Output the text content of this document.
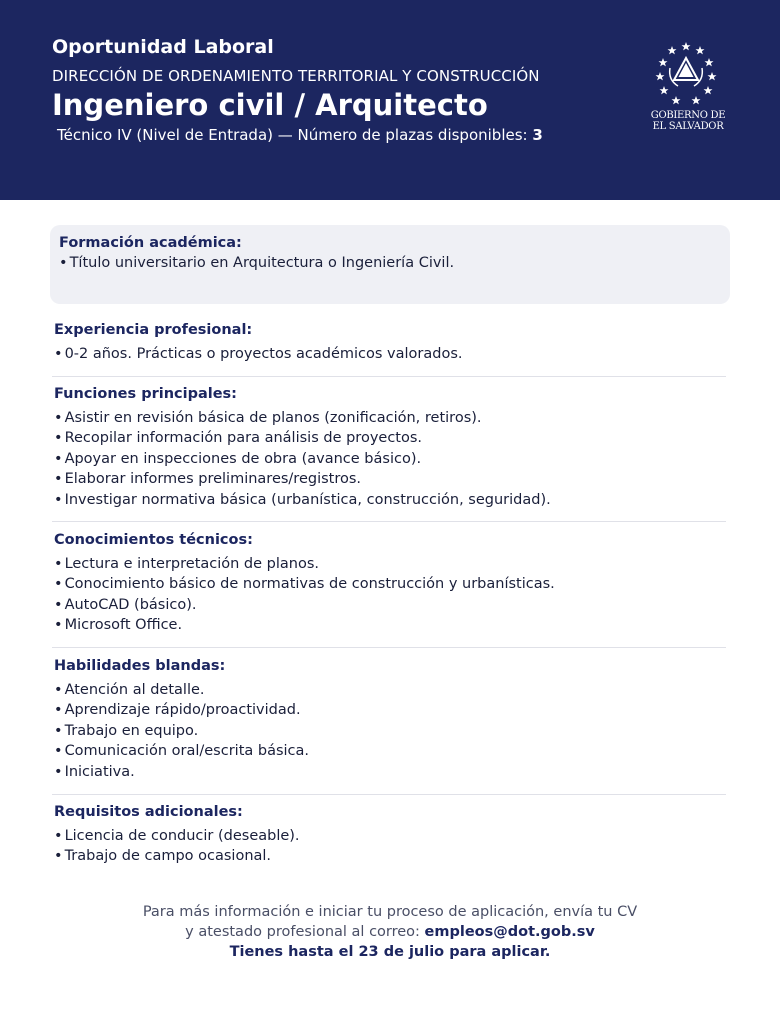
Oportunidad Laboral
DIRECCIÓN DE ORDENAMIENTO TERRITORIAL Y CONSTRUCCIÓN
Ingeniero civil / Arquitecto
Técnico IV (Nivel de Entrada) — Número de plazas disponibles: 3
GOBIERNO DE
EL SALVADOR
Formación académica:
• Título universitario en Arquitectura o Ingeniería Civil.
Experiencia profesional:
• 0-2 años. Prácticas o proyectos académicos valorados.
Funciones principales:
• Asistir en revisión básica de planos (zonificación, retiros).
• Recopilar información para análisis de proyectos.
• Apoyar en inspecciones de obra (avance básico).
• Elaborar informes preliminares/registros.
• Investigar normativa básica (urbanística, construcción, seguridad).
Conocimientos técnicos:
• Lectura e interpretación de planos.
• Conocimiento básico de normativas de construcción y urbanísticas.
• AutoCAD (básico).
• Microsoft Office.
Habilidades blandas:
• Atención al detalle.
• Aprendizaje rápido/proactividad.
• Trabajo en equipo.
• Comunicación oral/escrita básica.
• Iniciativa.
Requisitos adicionales:
• Licencia de conducir (deseable).
• Trabajo de campo ocasional.
Para más información e iniciar tu proceso de aplicación, envía tu CV
y atestado profesional al correo: empleos@dot.gob.sv
Tienes hasta el 23 de julio para aplicar.
